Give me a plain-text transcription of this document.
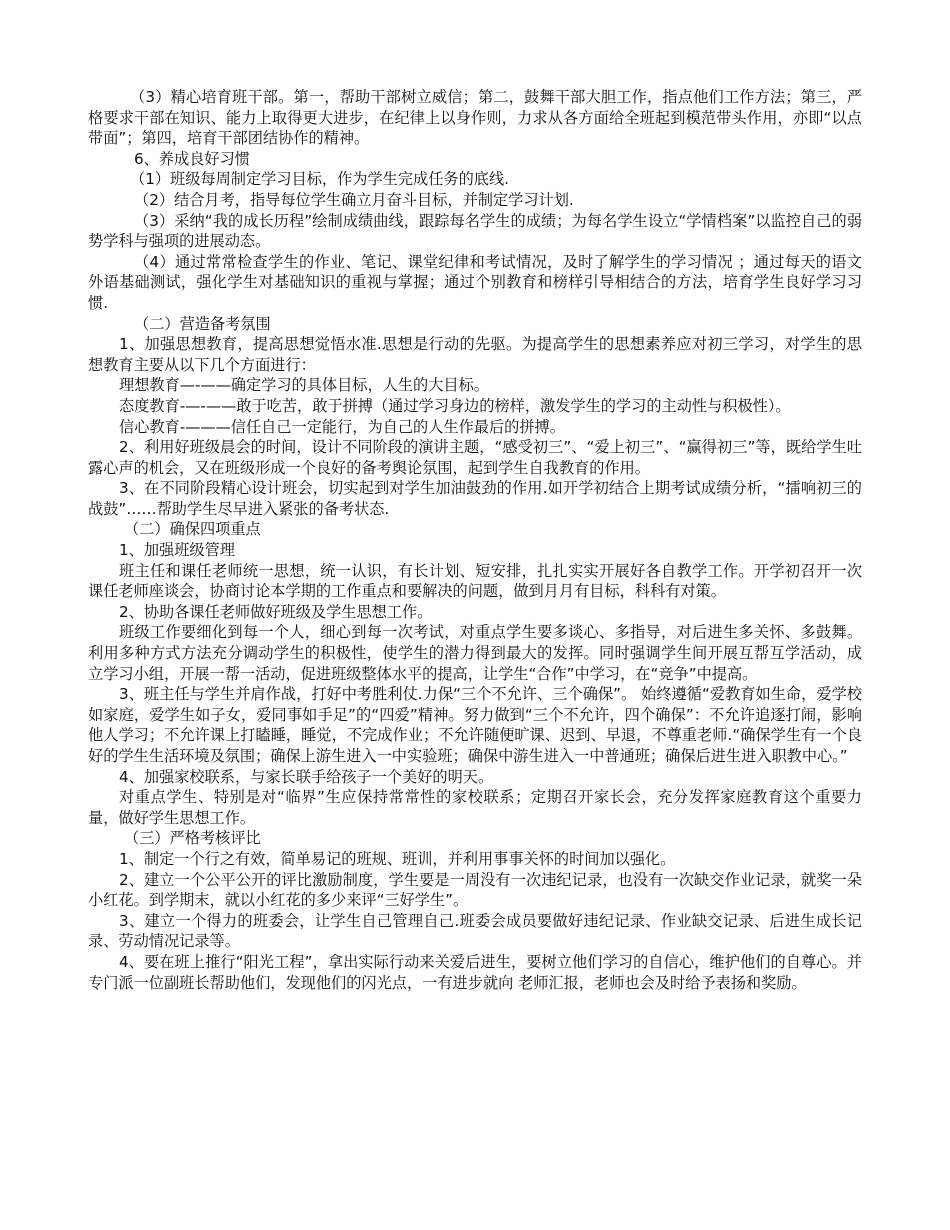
（3）精心培育班干部。第一，帮助干部树立威信；第二，鼓舞干部大胆工作，指点他们工作方法；第三，严格要求干部在知识、能力上取得更大进步，在纪律上以身作则，力求从各方面给全班起到模范带头作用，亦即“以点带面”；第四，培育干部团结协作的精神。

6、养成良好习惯

（1）班级每周制定学习目标，作为学生完成任务的底线.

（2）结合月考，指导每位学生确立月奋斗目标，并制定学习计划.

（3）采纳“我的成长历程”绘制成绩曲线，跟踪每名学生的成绩；为每名学生设立“学情档案”以监控自己的弱势学科与强项的进展动态。

（4）通过常常检查学生的作业、笔记、课堂纪律和考试情况，及时了解学生的学习情况 ；通过每天的语文外语基础测试，强化学生对基础知识的重视与掌握；通过个别教育和榜样引导相结合的方法，培育学生良好学习习惯.

（二）营造备考氛围

1、加强思想教育，提高思想觉悟水准.思想是行动的先驱。为提高学生的思想素养应对初三学习，对学生的思想教育主要从以下几个方面进行：

理想教育—-——确定学习的具体目标，人生的大目标。

态度教育-—-——敢于吃苦，敢于拼搏（通过学习身边的榜样，激发学生的学习的主动性与积极性）。

信心教育-———信任自己一定能行，为自己的人生作最后的拼搏。

2、利用好班级晨会的时间，设计不同阶段的演讲主题，“感受初三”、“爱上初三”、“赢得初三”等，既给学生吐露心声的机会，又在班级形成一个良好的备考舆论氛围，起到学生自我教育的作用。

3、在不同阶段精心设计班会，切实起到对学生加油鼓劲的作用.如开学初结合上期考试成绩分析，“擂响初三的战鼓”……帮助学生尽早进入紧张的备考状态.

（二）确保四项重点

1、加强班级管理

班主任和课任老师统一思想，统一认识，有长计划、短安排，扎扎实实开展好各自教学工作。开学初召开一次课任老师座谈会，协商讨论本学期的工作重点和要解决的问题，做到月月有目标，科科有对策。

2、协助各课任老师做好班级及学生思想工作。

班级工作要细化到每一个人，细心到每一次考试，对重点学生要多谈心、多指导，对后进生多关怀、多鼓舞。利用多种方式方法充分调动学生的积极性，使学生的潜力得到最大的发挥。同时强调学生间开展互帮互学活动，成立学习小组，开展一帮一活动，促进班级整体水平的提高，让学生“合作”中学习，在“竞争”中提高。

3、班主任与学生并肩作战，打好中考胜利仗.力保“三个不允许、三个确保”。 始终遵循“爱教育如生命，爱学校如家庭，爱学生如子女，爱同事如手足”的“四爱”精神。努力做到“三个不允许，四个确保”：不允许追逐打闹，影响他人学习；不允许课上打瞌睡，睡觉，不完成作业；不允许随便旷课、迟到、早退，不尊重老师.“确保学生有一个良好的学生生活环境及氛围；确保上游生进入一中实验班；确保中游生进入一中普通班；确保后进生进入职教中心。”

4、加强家校联系，与家长联手给孩子一个美好的明天。

对重点学生、特别是对“临界”生应保持常常性的家校联系；定期召开家长会，充分发挥家庭教育这个重要力量，做好学生思想工作。

（三）严格考核评比

1、制定一个行之有效，简单易记的班规、班训，并利用事事关怀的时间加以强化。

2、建立一个公平公开的评比激励制度，学生要是一周没有一次违纪记录，也没有一次缺交作业记录，就奖一朵小红花。到学期末，就以小红花的多少来评“三好学生”。

3、建立一个得力的班委会，让学生自己管理自己.班委会成员要做好违纪记录、作业缺交记录、后进生成长记录、劳动情况记录等。

4、要在班上推行“阳光工程”，拿出实际行动来关爱后进生，要树立他们学习的自信心，维护他们的自尊心。并专门派一位副班长帮助他们，发现他们的闪光点，一有进步就向 老师汇报，老师也会及时给予表扬和奖励。
